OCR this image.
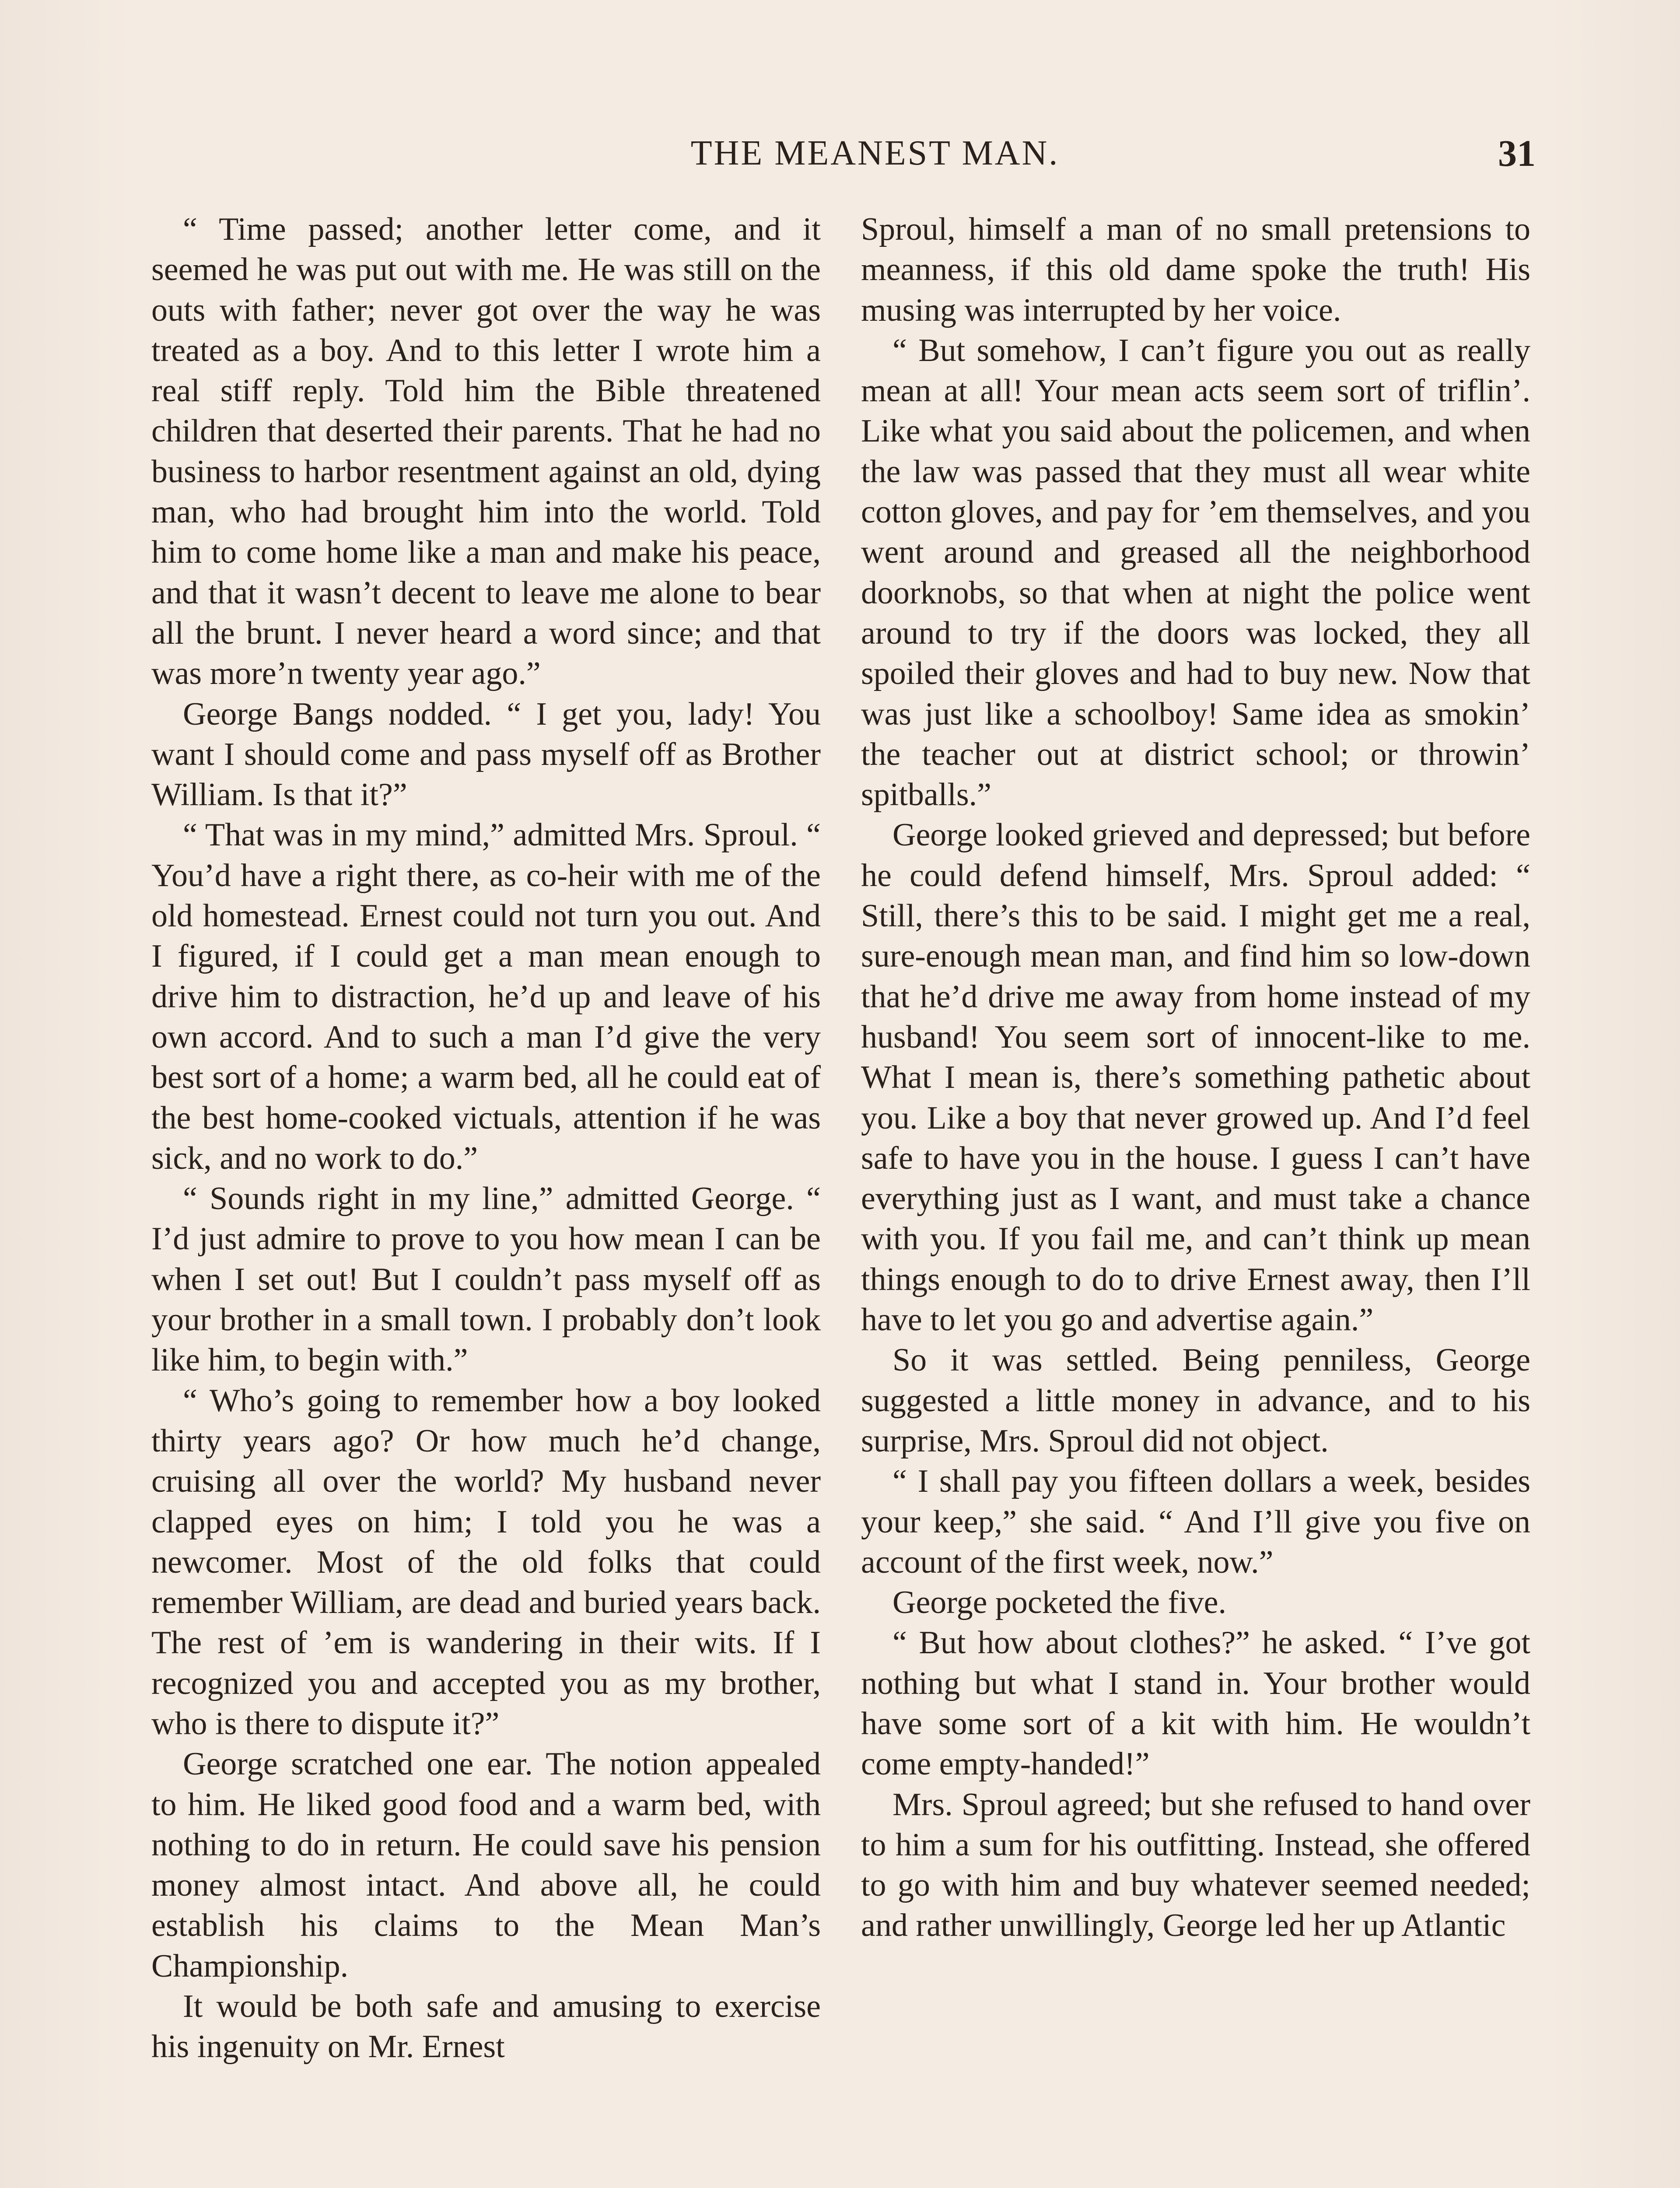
THE MEANEST MAN.	31

“ Time passed; another letter come, and it seemed he was put out with me. He was still on the outs with father; never got over the way he was treated as a boy. And to this letter I wrote him a real stiff reply. Told him the Bible threatened children that deserted their parents. That he had no business to harbor resentment against an old, dying man, who had brought him into the world. Told him to come home like a man and make his peace, and that it wasn’t decent to leave me alone to bear all the brunt. I never heard a word since; and that was more’n twenty year ago.”

George Bangs nodded. “ I get you, lady! You want I should come and pass myself off as Brother William. Is that it?”

“ That was in my mind,” admitted Mrs. Sproul. “ You’d have a right there, as co-heir with me of the old homestead. Ernest could not turn you out. And I figured, if I could get a man mean enough to drive him to distraction, he’d up and leave of his own accord. And to such a man I’d give the very best sort of a home; a warm bed, all he could eat of the best home-cooked victuals, attention if he was sick, and no work to do.”

“ Sounds right in my line,” admitted George. “ I’d just admire to prove to you how mean I can be when I set out! But I couldn’t pass myself off as your brother in a small town. I probably don’t look like him, to begin with.”

“ Who’s going to remember how a boy looked thirty years ago? Or how much he’d change, cruising all over the world? My husband never clapped eyes on him; I told you he was a newcomer. Most of the old folks that could remember William, are dead and buried years back. The rest of ’em is wandering in their wits. If I recognized you and accepted you as my brother, who is there to dispute it?”

George scratched one ear. The notion appealed to him. He liked good food and a warm bed, with nothing to do in return. He could save his pension money almost intact. And above all, he could establish his claims to the Mean Man’s Championship.

It would be both safe and amusing to exercise his ingenuity on Mr. Ernest

Sproul, himself a man of no small pretensions to meanness, if this old dame spoke the truth! His musing was interrupted by her voice.

“ But somehow, I can’t figure you out as really mean at all! Your mean acts seem sort of triflin’. Like what you said about the policemen, and when the law was passed that they must all wear white cotton gloves, and pay for ’em themselves, and you went around and greased all the neighborhood doorknobs, so that when at night the police went around to try if the doors was locked, they all spoiled their gloves and had to buy new. Now that was just like a schoolboy! Same idea as smokin’ the teacher out at district school; or throwin’ spitballs.”

George looked grieved and depressed; but before he could defend himself, Mrs. Sproul added: “ Still, there’s this to be said. I might get me a real, sure-enough mean man, and find him so low-down that he’d drive me away from home instead of my husband! You seem sort of innocent-like to me. What I mean is, there’s something pathetic about you. Like a boy that never growed up. And I’d feel safe to have you in the house. I guess I can’t have everything just as I want, and must take a chance with you. If you fail me, and can’t think up mean things enough to do to drive Ernest away, then I’ll have to let you go and advertise again.”

So it was settled. Being penniless, George suggested a little money in advance, and to his surprise, Mrs. Sproul did not object.

“ I shall pay you fifteen dollars a week, besides your keep,” she said. “ And I’ll give you five on account of the first week, now.”

George pocketed the five.

“ But how about clothes?” he asked. “ I’ve got nothing but what I stand in. Your brother would have some sort of a kit with him. He wouldn’t come empty-handed!”

Mrs. Sproul agreed; but she refused to hand over to him a sum for his outfitting. Instead, she offered to go with him and buy whatever seemed needed; and rather unwillingly, George led her up Atlantic
